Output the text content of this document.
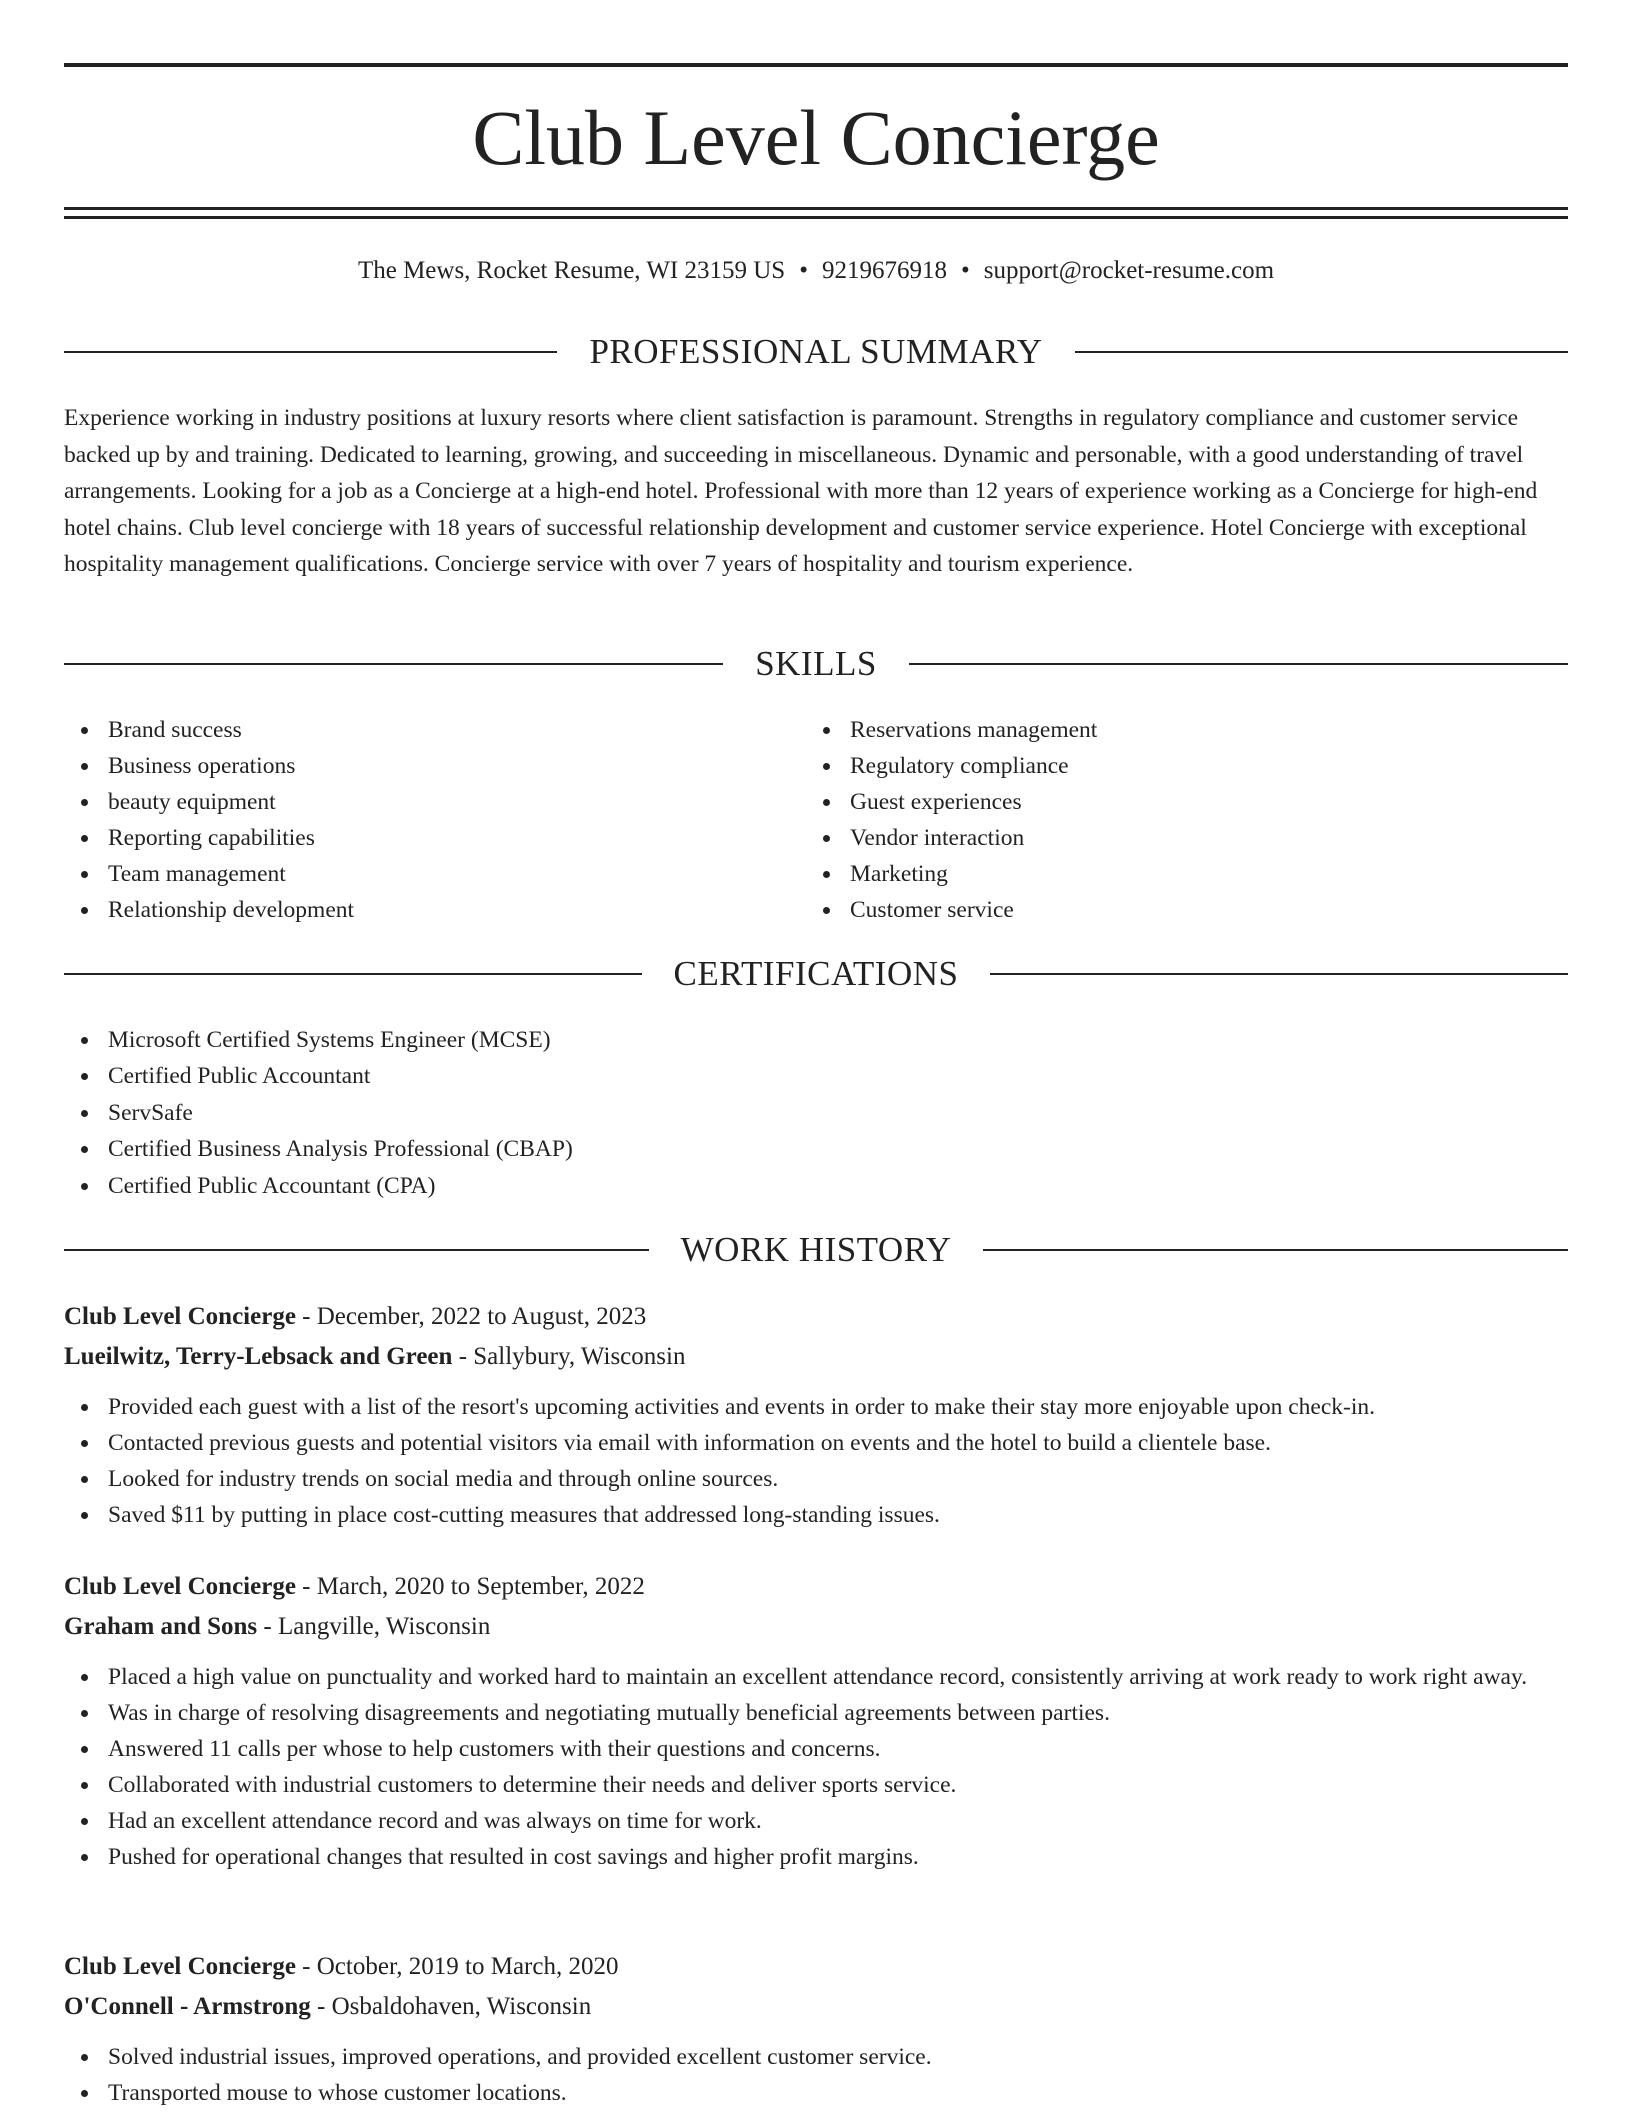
Club Level Concierge
The Mews, Rocket Resume, WI 23159 US • 9219676918 • support@rocket-resume.com
PROFESSIONAL SUMMARY

Experience working in industry positions at luxury resorts where client satisfaction is paramount. Strengths in regulatory compliance and customer service backed up by and training. Dedicated to learning, growing, and succeeding in miscellaneous. Dynamic and personable, with a good understanding of travel arrangements. Looking for a job as a Concierge at a high-end hotel. Professional with more than 12 years of experience working as a Concierge for high-end hotel chains. Club level concierge with 18 years of successful relationship development and customer service experience. Hotel Concierge with exceptional hospitality management qualifications. Concierge service with over 7 years of hospitality and tourism experience.

SKILLS
Brand success
Business operations
beauty equipment
Reporting capabilities
Team management
Relationship development
Reservations management
Regulatory compliance
Guest experiences
Vendor interaction
Marketing
Customer service
CERTIFICATIONS
Microsoft Certified Systems Engineer (MCSE)
Certified Public Accountant
ServSafe
Certified Business Analysis Professional (CBAP)
Certified Public Accountant (CPA)
WORK HISTORY
Club Level Concierge - December, 2022 to August, 2023
Lueilwitz, Terry-Lebsack and Green - Sallybury, Wisconsin
Provided each guest with a list of the resort's upcoming activities and events in order to make their stay more enjoyable upon check-in.
Contacted previous guests and potential visitors via email with information on events and the hotel to build a clientele base.
Looked for industry trends on social media and through online sources.
Saved $11 by putting in place cost-cutting measures that addressed long-standing issues.
Club Level Concierge - March, 2020 to September, 2022
Graham and Sons - Langville, Wisconsin
Placed a high value on punctuality and worked hard to maintain an excellent attendance record, consistently arriving at work ready to work right away.
Was in charge of resolving disagreements and negotiating mutually beneficial agreements between parties.
Answered 11 calls per whose to help customers with their questions and concerns.
Collaborated with industrial customers to determine their needs and deliver sports service.
Had an excellent attendance record and was always on time for work.
Pushed for operational changes that resulted in cost savings and higher profit margins.
Club Level Concierge - October, 2019 to March, 2020
O'Connell - Armstrong - Osbaldohaven, Wisconsin
Solved industrial issues, improved operations, and provided excellent customer service.
Transported mouse to whose customer locations.
